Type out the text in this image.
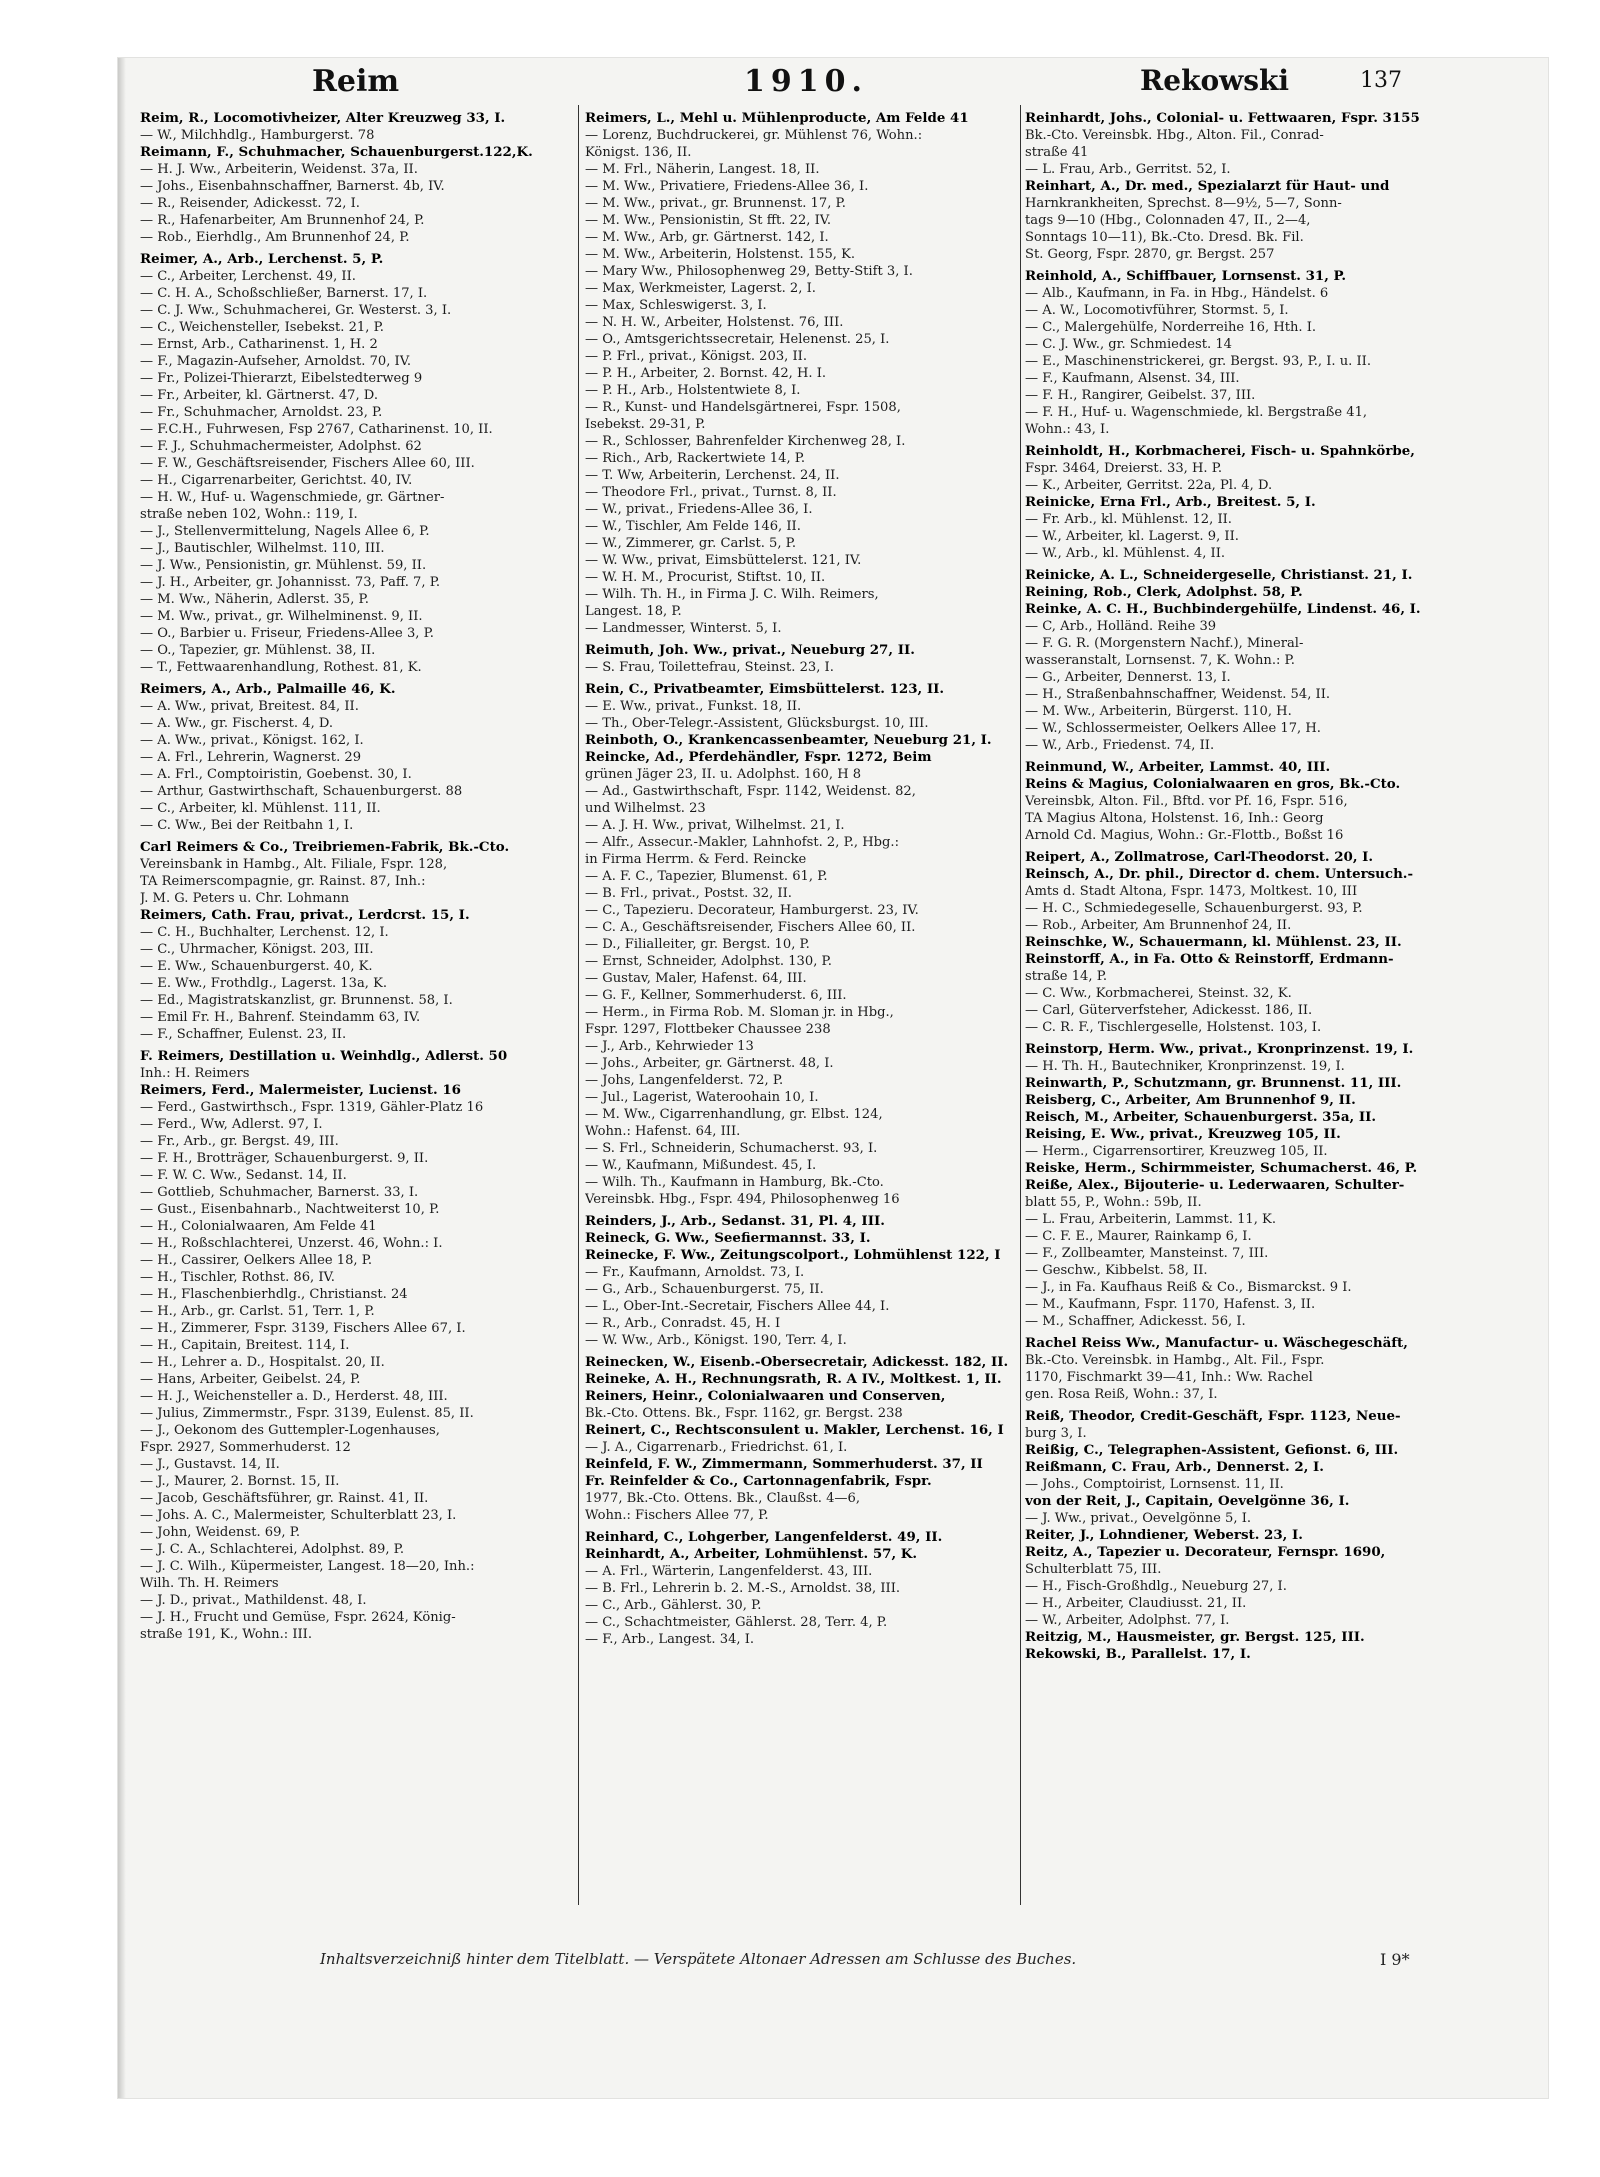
Reim	1910.	Rekowski	137
Reim, R., Locomotivheizer, Alter Kreuzweg 33, I.
— W., Milchhdlg., Hamburgerst. 78
Reimann, F., Schuhmacher, Schauenburgerst.122,K.
— H. J. Ww., Arbeiterin, Weidenst. 37a, II.
— Johs., Eisenbahnschaffner, Barnerst. 4b, IV.
— R., Reisender, Adickesst. 72, I.
— R., Hafenarbeiter, Am Brunnenhof 24, P.
— Rob., Eierhdlg., Am Brunnenhof 24, P.
Reimer, A., Arb., Lerchenst. 5, P.
— C., Arbeiter, Lerchenst. 49, II.
— C. H. A., Schoßschließer, Barnerst. 17, I.
— C. J. Ww., Schuhmacherei, Gr. Westerst. 3, I.
— C., Weichensteller, Isebekst. 21, P.
— Ernst, Arb., Catharinenst. 1, H. 2
— F., Magazin-Aufseher, Arnoldst. 70, IV.
— Fr., Polizei-Thierarzt, Eibelstedterweg 9
— Fr., Arbeiter, kl. Gärtnerst. 47, D.
— Fr., Schuhmacher, Arnoldst. 23, P.
— F.C.H., Fuhrwesen, Fsp 2767, Catharinenst. 10, II.
— F. J., Schuhmachermeister, Adolphst. 62
— F. W., Geschäftsreisender, Fischers Allee 60, III.
— H., Cigarrenarbeiter, Gerichtst. 40, IV.
— H. W., Huf- u. Wagenschmiede, gr. Gärtner-
straße neben 102, Wohn.: 119, I.
— J., Stellenvermittelung, Nagels Allee 6, P.
— J., Bautischler, Wilhelmst. 110, III.
— J. Ww., Pensionistin, gr. Mühlenst. 59, II.
— J. H., Arbeiter, gr. Johannisst. 73, Paff. 7, P.
— M. Ww., Näherin, Adlerst. 35, P.
— M. Ww., privat., gr. Wilhelminenst. 9, II.
— O., Barbier u. Friseur, Friedens-Allee 3, P.
— O., Tapezier, gr. Mühlenst. 38, II.
— T., Fettwaarenhandlung, Rothest. 81, K.
Reimers, A., Arb., Palmaille 46, K.
— A. Ww., privat, Breitest. 84, II.
— A. Ww., gr. Fischerst. 4, D.
— A. Ww., privat., Königst. 162, I.
— A. Frl., Lehrerin, Wagnerst. 29
— A. Frl., Comptoiristin, Goebenst. 30, I.
— Arthur, Gastwirthschaft, Schauenburgerst. 88
— C., Arbeiter, kl. Mühlenst. 111, II.
— C. Ww., Bei der Reitbahn 1, I.
Carl Reimers & Co., Treibriemen-Fabrik, Bk.-Cto.
Vereinsbank in Hambg., Alt. Filiale, Fspr. 128,
TA Reimerscompagnie, gr. Rainst. 87, Inh.:
J. M. G. Peters u. Chr. Lohmann
Reimers, Cath. Frau, privat., Lerdcrst. 15, I.
— C. H., Buchhalter, Lerchenst. 12, I.
— C., Uhrmacher, Königst. 203, III.
— E. Ww., Schauenburgerst. 40, K.
— E. Ww., Frothdlg., Lagerst. 13a, K.
— Ed., Magistratskanzlist, gr. Brunnenst. 58, I.
— Emil Fr. H., Bahrenf. Steindamm 63, IV.
— F., Schaffner, Eulenst. 23, II.
F. Reimers, Destillation u. Weinhdlg., Adlerst. 50
Inh.: H. Reimers
Reimers, Ferd., Malermeister, Lucienst. 16
— Ferd., Gastwirthsch., Fspr. 1319, Gähler-Platz 16
— Ferd., Ww, Adlerst. 97, I.
— Fr., Arb., gr. Bergst. 49, III.
— F. H., Brotträger, Schauenburgerst. 9, II.
— F. W. C. Ww., Sedanst. 14, II.
— Gottlieb, Schuhmacher, Barnerst. 33, I.
— Gust., Eisenbahnarb., Nachtweiterst 10, P.
— H., Colonialwaaren, Am Felde 41
— H., Roßschlachterei, Unzerst. 46, Wohn.: I.
— H., Cassirer, Oelkers Allee 18, P.
— H., Tischler, Rothst. 86, IV.
— H., Flaschenbierhdlg., Christianst. 24
— H., Arb., gr. Carlst. 51, Terr. 1, P.
— H., Zimmerer, Fspr. 3139, Fischers Allee 67, I.
— H., Capitain, Breitest. 114, I.
— H., Lehrer a. D., Hospitalst. 20, II.
— Hans, Arbeiter, Geibelst. 24, P.
— H. J., Weichensteller a. D., Herderst. 48, III.
— Julius, Zimmermstr., Fspr. 3139, Eulenst. 85, II.
— J., Oekonom des Guttempler-Logenhauses,
Fspr. 2927, Sommerhuderst. 12
— J., Gustavst. 14, II.
— J., Maurer, 2. Bornst. 15, II.
— Jacob, Geschäftsführer, gr. Rainst. 41, II.
— Johs. A. C., Malermeister, Schulterblatt 23, I.
— John, Weidenst. 69, P.
— J. C. A., Schlachterei, Adolphst. 89, P.
— J. C. Wilh., Küpermeister, Langest. 18—20, Inh.:
Wilh. Th. H. Reimers
— J. D., privat., Mathildenst. 48, I.
— J. H., Frucht und Gemüse, Fspr. 2624, König-
straße 191, K., Wohn.: III.
Reimers, L., Mehl u. Mühlenproducte, Am Felde 41
— Lorenz, Buchdruckerei, gr. Mühlenst 76, Wohn.:
Königst. 136, II.
— M. Frl., Näherin, Langest. 18, II.
— M. Ww., Privatiere, Friedens-Allee 36, I.
— M. Ww., privat., gr. Brunnenst. 17, P.
— M. Ww., Pensionistin, St fft. 22, IV.
— M. Ww., Arb, gr. Gärtnerst. 142, I.
— M. Ww., Arbeiterin, Holstenst. 155, K.
— Mary Ww., Philosophenweg 29, Betty-Stift 3, I.
— Max, Werkmeister, Lagerst. 2, I.
— Max, Schleswigerst. 3, I.
— N. H. W., Arbeiter, Holstenst. 76, III.
— O., Amtsgerichtssecretair, Helenenst. 25, I.
— P. Frl., privat., Königst. 203, II.
— P. H., Arbeiter, 2. Bornst. 42, H. I.
— P. H., Arb., Holstentwiete 8, I.
— R., Kunst- und Handelsgärtnerei, Fspr. 1508,
Isebekst. 29-31, P.
— R., Schlosser, Bahrenfelder Kirchenweg 28, I.
— Rich., Arb, Rackertwiete 14, P.
— T. Ww, Arbeiterin, Lerchenst. 24, II.
— Theodore Frl., privat., Turnst. 8, II.
— W., privat., Friedens-Allee 36, I.
— W., Tischler, Am Felde 146, II.
— W., Zimmerer, gr. Carlst. 5, P.
— W. Ww., privat, Eimsbüttelerst. 121, IV.
— W. H. M., Procurist, Stiftst. 10, II.
— Wilh. Th. H., in Firma J. C. Wilh. Reimers,
Langest. 18, P.
— Landmesser, Winterst. 5, I.
Reimuth, Joh. Ww., privat., Neueburg 27, II.
— S. Frau, Toilettefrau, Steinst. 23, I.
Rein, C., Privatbeamter, Eimsbüttelerst. 123, II.
— E. Ww., privat., Funkst. 18, II.
— Th., Ober-Telegr.-Assistent, Glücksburgst. 10, III.
Reinboth, O., Krankencassenbeamter, Neueburg 21, I.
Reincke, Ad., Pferdehändler, Fspr. 1272, Beim
grünen Jäger 23, II. u. Adolphst. 160, H 8
— Ad., Gastwirthschaft, Fspr. 1142, Weidenst. 82,
und Wilhelmst. 23
— A. J. H. Ww., privat, Wilhelmst. 21, I.
— Alfr., Assecur.-Makler, Lahnhofst. 2, P., Hbg.:
in Firma Herrm. & Ferd. Reincke
— A. F. C., Tapezier, Blumenst. 61, P.
— B. Frl., privat., Postst. 32, II.
— C., Tapezieru. Decorateur, Hamburgerst. 23, IV.
— C. A., Geschäftsreisender, Fischers Allee 60, II.
— D., Filialleiter, gr. Bergst. 10, P.
— Ernst, Schneider, Adolphst. 130, P.
— Gustav, Maler, Hafenst. 64, III.
— G. F., Kellner, Sommerhuderst. 6, III.
— Herm., in Firma Rob. M. Sloman jr. in Hbg.,
Fspr. 1297, Flottbeker Chaussee 238
— J., Arb., Kehrwieder 13
— Johs., Arbeiter, gr. Gärtnerst. 48, I.
— Johs, Langenfelderst. 72, P.
— Jul., Lagerist, Wateroohain 10, I.
— M. Ww., Cigarrenhandlung, gr. Elbst. 124,
Wohn.: Hafenst. 64, III.
— S. Frl., Schneiderin, Schumacherst. 93, I.
— W., Kaufmann, Mißundest. 45, I.
— Wilh. Th., Kaufmann in Hamburg, Bk.-Cto.
Vereinsbk. Hbg., Fspr. 494, Philosophenweg 16
Reinders, J., Arb., Sedanst. 31, Pl. 4, III.
Reineck, G. Ww., Seefiermannst. 33, I.
Reinecke, F. Ww., Zeitungscolport., Lohmühlenst 122, I
— Fr., Kaufmann, Arnoldst. 73, I.
— G., Arb., Schauenburgerst. 75, II.
— L., Ober-Int.-Secretair, Fischers Allee 44, I.
— R., Arb., Conradst. 45, H. I
— W. Ww., Arb., Königst. 190, Terr. 4, I.
Reinecken, W., Eisenb.-Obersecretair, Adickesst. 182, II.
Reineke, A. H., Rechnungsrath, R. A IV., Moltkest. 1, II.
Reiners, Heinr., Colonialwaaren und Conserven,
Bk.-Cto. Ottens. Bk., Fspr. 1162, gr. Bergst. 238
Reinert, C., Rechtsconsulent u. Makler, Lerchenst. 16, I
— J. A., Cigarrenarb., Friedrichst. 61, I.
Reinfeld, F. W., Zimmermann, Sommerhuderst. 37, II
Fr. Reinfelder & Co., Cartonnagenfabrik, Fspr.
1977, Bk.-Cto. Ottens. Bk., Claußst. 4—6,
Wohn.: Fischers Allee 77, P.
Reinhard, C., Lohgerber, Langenfelderst. 49, II.
Reinhardt, A., Arbeiter, Lohmühlenst. 57, K.
— A. Frl., Wärterin, Langenfelderst. 43, III.
— B. Frl., Lehrerin b. 2. M.-S., Arnoldst. 38, III.
— C., Arb., Gählerst. 30, P.
— C., Schachtmeister, Gählerst. 28, Terr. 4, P.
— F., Arb., Langest. 34, I.
Reinhardt, Johs., Colonial- u. Fettwaaren, Fspr. 3155
Bk.-Cto. Vereinsbk. Hbg., Alton. Fil., Conrad-
straße 41
— L. Frau, Arb., Gerritst. 52, I.
Reinhart, A., Dr. med., Spezialarzt für Haut- und
Harnkrankheiten, Sprechst. 8—9½, 5—7, Sonn-
tags 9—10 (Hbg., Colonnaden 47, II., 2—4,
Sonntags 10—11), Bk.-Cto. Dresd. Bk. Fil.
St. Georg, Fspr. 2870, gr. Bergst. 257
Reinhold, A., Schiffbauer, Lornsenst. 31, P.
— Alb., Kaufmann, in Fa. in Hbg., Händelst. 6
— A. W., Locomotivführer, Stormst. 5, I.
— C., Malergehülfe, Norderreihe 16, Hth. I.
— C. J. Ww., gr. Schmiedest. 14
— E., Maschinenstrickerei, gr. Bergst. 93, P., I. u. II.
— F., Kaufmann, Alsenst. 34, III.
— F. H., Rangirer, Geibelst. 37, III.
— F. H., Huf- u. Wagenschmiede, kl. Bergstraße 41,
Wohn.: 43, I.
Reinholdt, H., Korbmacherei, Fisch- u. Spahnkörbe,
Fspr. 3464, Dreierst. 33, H. P.
— K., Arbeiter, Gerritst. 22a, Pl. 4, D.
Reinicke, Erna Frl., Arb., Breitest. 5, I.
— Fr. Arb., kl. Mühlenst. 12, II.
— W., Arbeiter, kl. Lagerst. 9, II.
— W., Arb., kl. Mühlenst. 4, II.
Reinicke, A. L., Schneidergeselle, Christianst. 21, I.
Reining, Rob., Clerk, Adolphst. 58, P.
Reinke, A. C. H., Buchbindergehülfe, Lindenst. 46, I.
— C, Arb., Holländ. Reihe 39
— F. G. R. (Morgenstern Nachf.), Mineral-
wasseranstalt, Lornsenst. 7, K. Wohn.: P.
— G., Arbeiter, Dennerst. 13, I.
— H., Straßenbahnschaffner, Weidenst. 54, II.
— M. Ww., Arbeiterin, Bürgerst. 110, H.
— W., Schlossermeister, Oelkers Allee 17, H.
— W., Arb., Friedenst. 74, II.
Reinmund, W., Arbeiter, Lammst. 40, III.
Reins & Magius, Colonialwaaren en gros, Bk.-Cto.
Vereinsbk, Alton. Fil., Bftd. vor Pf. 16, Fspr. 516,
TA Magius Altona, Holstenst. 16, Inh.: Georg
Arnold Cd. Magius, Wohn.: Gr.-Flottb., Boßst 16
Reipert, A., Zollmatrose, Carl-Theodorst. 20, I.
Reinsch, A., Dr. phil., Director d. chem. Untersuch.-
Amts d. Stadt Altona, Fspr. 1473, Moltkest. 10, III
— H. C., Schmiedegeselle, Schauenburgerst. 93, P.
— Rob., Arbeiter, Am Brunnenhof 24, II.
Reinschke, W., Schauermann, kl. Mühlenst. 23, II.
Reinstorff, A., in Fa. Otto & Reinstorff, Erdmann-
straße 14, P.
— C. Ww., Korbmacherei, Steinst. 32, K.
— Carl, Güterverfsteher, Adickesst. 186, II.
— C. R. F., Tischlergeselle, Holstenst. 103, I.
Reinstorp, Herm. Ww., privat., Kronprinzenst. 19, I.
— H. Th. H., Bautechniker, Kronprinzenst. 19, I.
Reinwarth, P., Schutzmann, gr. Brunnenst. 11, III.
Reisberg, C., Arbeiter, Am Brunnenhof 9, II.
Reisch, M., Arbeiter, Schauenburgerst. 35a, II.
Reising, E. Ww., privat., Kreuzweg 105, II.
— Herm., Cigarrensortirer, Kreuzweg 105, II.
Reiske, Herm., Schirmmeister, Schumacherst. 46, P.
Reiße, Alex., Bijouterie- u. Lederwaaren, Schulter-
blatt 55, P., Wohn.: 59b, II.
— L. Frau, Arbeiterin, Lammst. 11, K.
— C. F. E., Maurer, Rainkamp 6, I.
— F., Zollbeamter, Mansteinst. 7, III.
— Geschw., Kibbelst. 58, II.
— J., in Fa. Kaufhaus Reiß & Co., Bismarckst. 9 I.
— M., Kaufmann, Fspr. 1170, Hafenst. 3, II.
— M., Schaffner, Adickesst. 56, I.
Rachel Reiss Ww., Manufactur- u. Wäschegeschäft,
Bk.-Cto. Vereinsbk. in Hambg., Alt. Fil., Fspr.
1170, Fischmarkt 39—41, Inh.: Ww. Rachel
gen. Rosa Reiß, Wohn.: 37, I.
Reiß, Theodor, Credit-Geschäft, Fspr. 1123, Neue-
burg 3, I.
Reißig, C., Telegraphen-Assistent, Gefionst. 6, III.
Reißmann, C. Frau, Arb., Dennerst. 2, I.
— Johs., Comptoirist, Lornsenst. 11, II.
von der Reit, J., Capitain, Oevelgönne 36, I.
— J. Ww., privat., Oevelgönne 5, I.
Reiter, J., Lohndiener, Weberst. 23, I.
Reitz, A., Tapezier u. Decorateur, Fernspr. 1690,
Schulterblatt 75, III.
— H., Fisch-Großhdlg., Neueburg 27, I.
— H., Arbeiter, Claudiusst. 21, II.
— W., Arbeiter, Adolphst. 77, I.
Reitzig, M., Hausmeister, gr. Bergst. 125, III.
Rekowski, B., Parallelst. 17, I.
Inhaltsverzeichniß hinter dem Titelblatt. — Verspätete Altonaer Adressen am Schlusse des Buches.	I 9*
